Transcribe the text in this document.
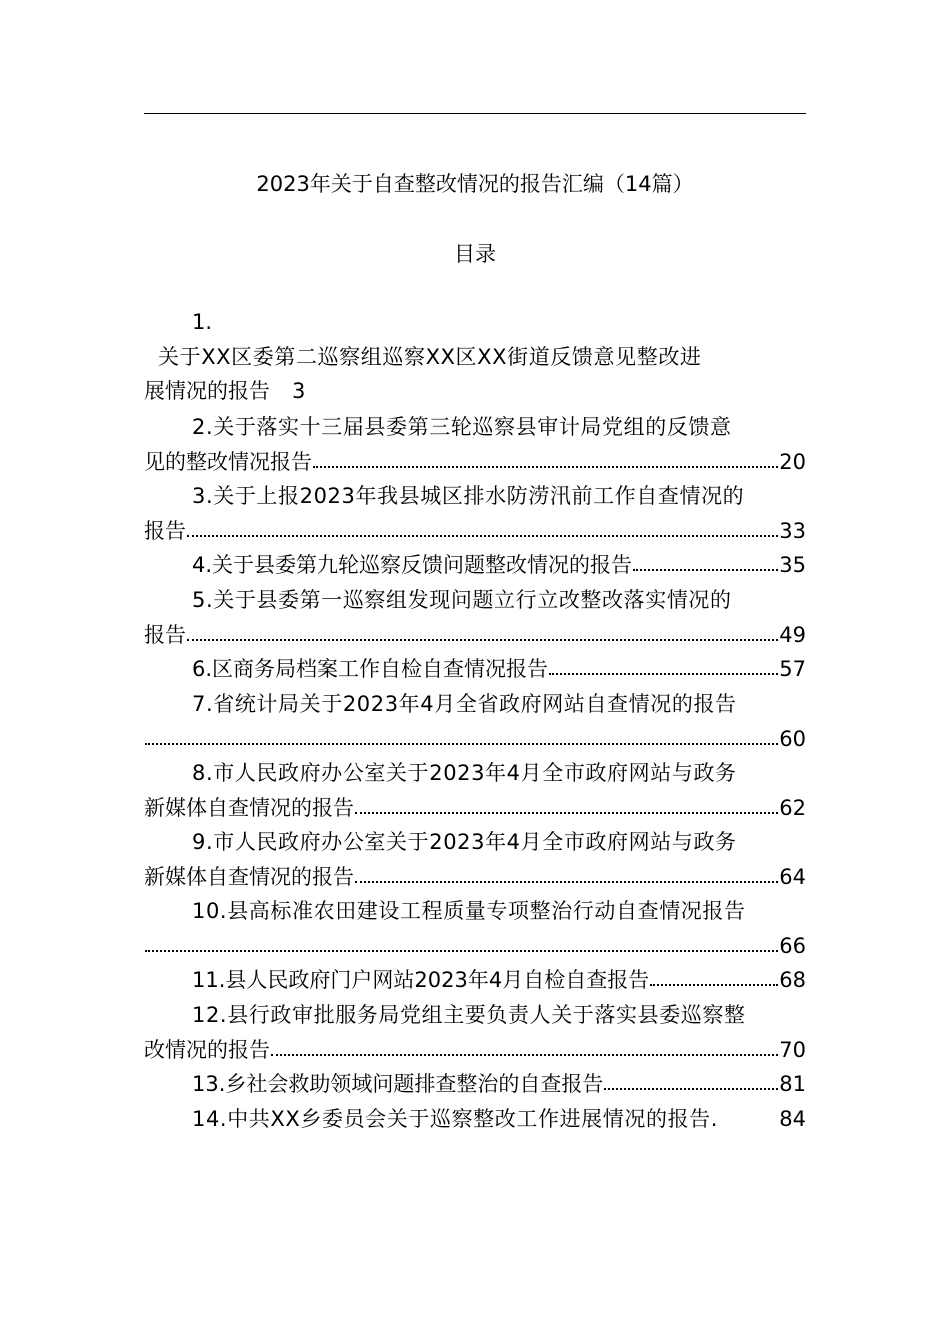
2023年关于自查整改情况的报告汇编（14篇）
目录
1.
关于XX区委第二巡察组巡察XX区XX街道反馈意见整改进
展情况的报告 3
2.关于落实十三届县委第三轮巡察县审计局党组的反馈意
见的整改情况报告	20
3.关于上报2023年我县城区排水防涝汛前工作自查情况的
报告	33
4.关于县委第九轮巡察反馈问题整改情况的报告	35
5.关于县委第一巡察组发现问题立行立改整改落实情况的
报告	49
6.区商务局档案工作自检自查情况报告	57
7.省统计局关于2023年4月全省政府网站自查情况的报告
60
8.市人民政府办公室关于2023年4月全市政府网站与政务
新媒体自查情况的报告	62
9.市人民政府办公室关于2023年4月全市政府网站与政务
新媒体自查情况的报告	64
10.县高标准农田建设工程质量专项整治行动自查情况报告
66
11.县人民政府门户网站2023年4月自检自查报告	68
12.县行政审批服务局党组主要负责人关于落实县委巡察整
改情况的报告	70
13.乡社会救助领域问题排查整治的自查报告	81
14.中共XX乡委员会关于巡察整改工作进展情况的报告.	84
